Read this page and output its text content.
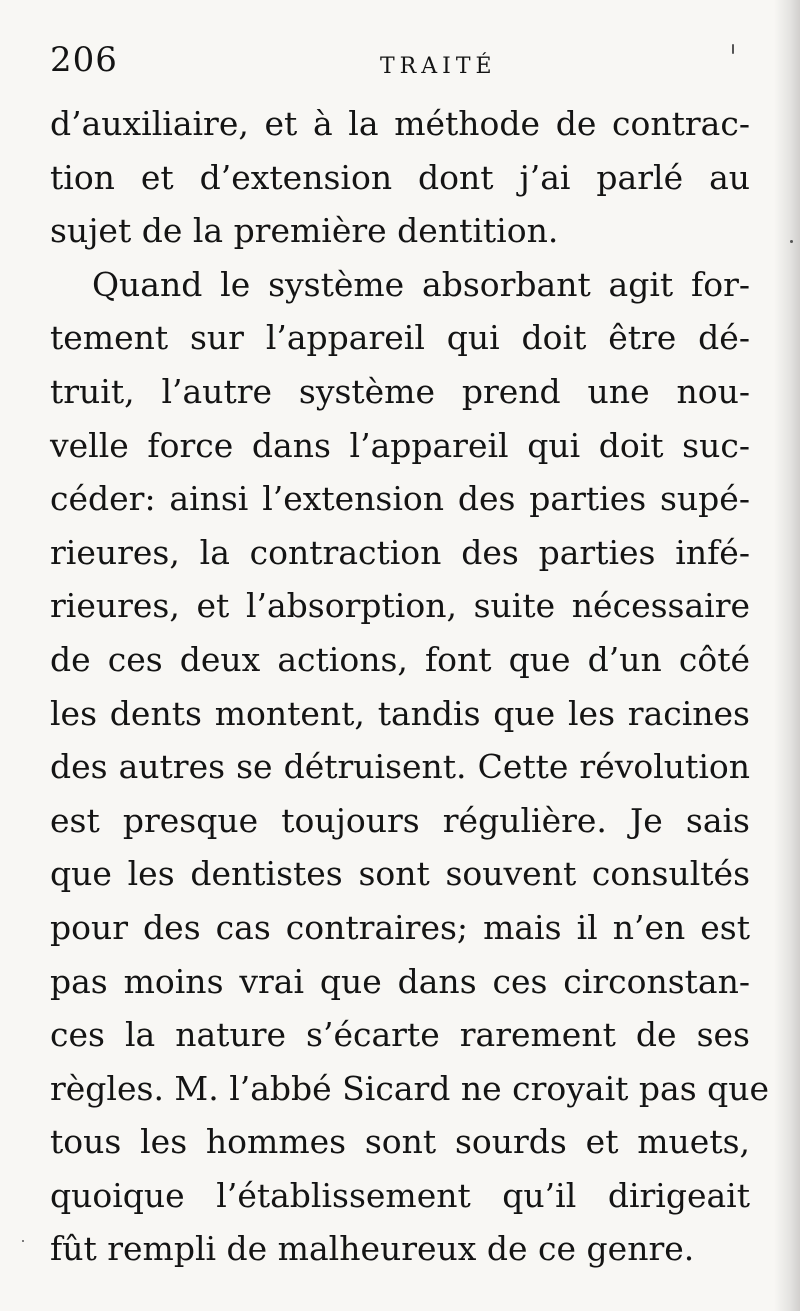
206	TRAITÉ
d’auxiliaire, et à la méthode de contrac-
tion et d’extension dont j’ai parlé au
sujet de la première dentition.
Quand le système absorbant agit for-
tement sur l’appareil qui doit être dé-
truit, l’autre système prend une nou-
velle force dans l’appareil qui doit suc-
céder: ainsi l’extension des parties supé-
rieures, la contraction des parties infé-
rieures, et l’absorption, suite nécessaire
de ces deux actions, font que d’un côté
les dents montent, tandis que les racines
des autres se détruisent. Cette révolution
est presque toujours régulière. Je sais
que les dentistes sont souvent consultés
pour des cas contraires; mais il n’en est
pas moins vrai que dans ces circonstan-
ces la nature s’écarte rarement de ses
règles. M. l’abbé Sicard ne croyait pas que
tous les hommes sont sourds et muets,
quoique l’établissement qu’il dirigeait
fût rempli de malheureux de ce genre.
